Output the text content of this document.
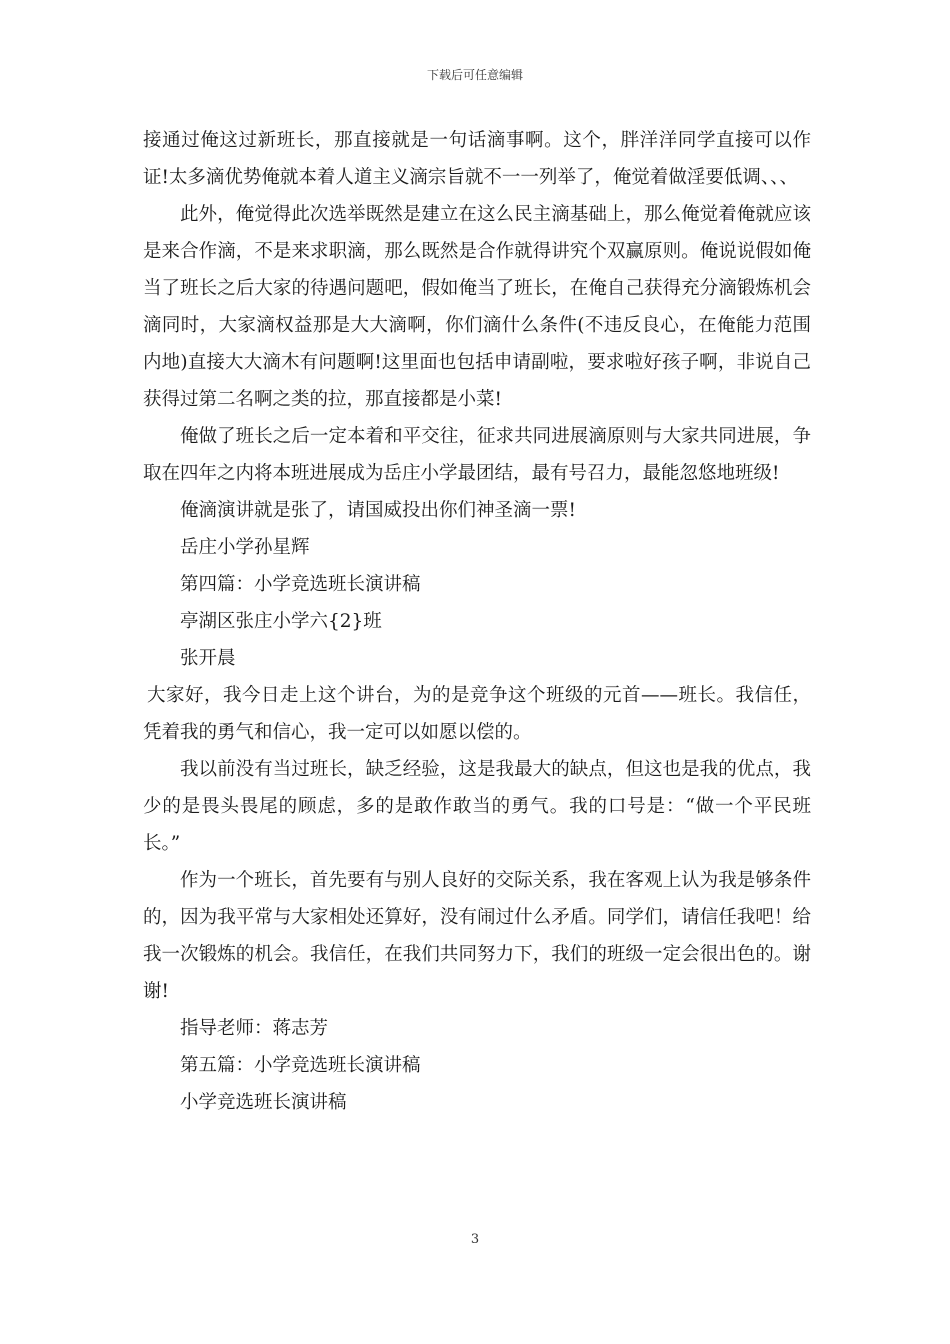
下载后可任意编辑

接通过俺这过新班长，那直接就是一句话滴事啊。这个，胖洋洋同学直接可以作证!太多滴优势俺就本着人道主义滴宗旨就不一一列举了，俺觉着做淫要低调、、、

此外，俺觉得此次选举既然是建立在这么民主滴基础上，那么俺觉着俺就应该是来合作滴，不是来求职滴，那么既然是合作就得讲究个双赢原则。俺说说假如俺当了班长之后大家的待遇问题吧，假如俺当了班长，在俺自己获得充分滴锻炼机会滴同时，大家滴权益那是大大滴啊，你们滴什么条件(不违反良心，在俺能力范围内地)直接大大滴木有问题啊!这里面也包括申请副啦，要求啦好孩子啊，非说自己获得过第二名啊之类的拉，那直接都是小菜!

俺做了班长之后一定本着和平交往，征求共同进展滴原则与大家共同进展，争取在四年之内将本班进展成为岳庄小学最团结，最有号召力，最能忽悠地班级!

俺滴演讲就是张了，请国威投出你们神圣滴一票!

岳庄小学孙星辉

第四篇：小学竞选班长演讲稿

亭湖区张庄小学六{2}班

张开晨

大家好，我今日走上这个讲台，为的是竞争这个班级的元首——班长。我信任，凭着我的勇气和信心，我一定可以如愿以偿的。

我以前没有当过班长，缺乏经验，这是我最大的缺点，但这也是我的优点，我少的是畏头畏尾的顾虑，多的是敢作敢当的勇气。我的口号是：“做一个平民班长。”

作为一个班长，首先要有与别人良好的交际关系，我在客观上认为我是够条件的，因为我平常与大家相处还算好，没有闹过什么矛盾。同学们，请信任我吧！给我一次锻炼的机会。我信任，在我们共同努力下，我们的班级一定会很出色的。谢谢!

指导老师：蒋志芳

第五篇：小学竞选班长演讲稿

小学竞选班长演讲稿

3
